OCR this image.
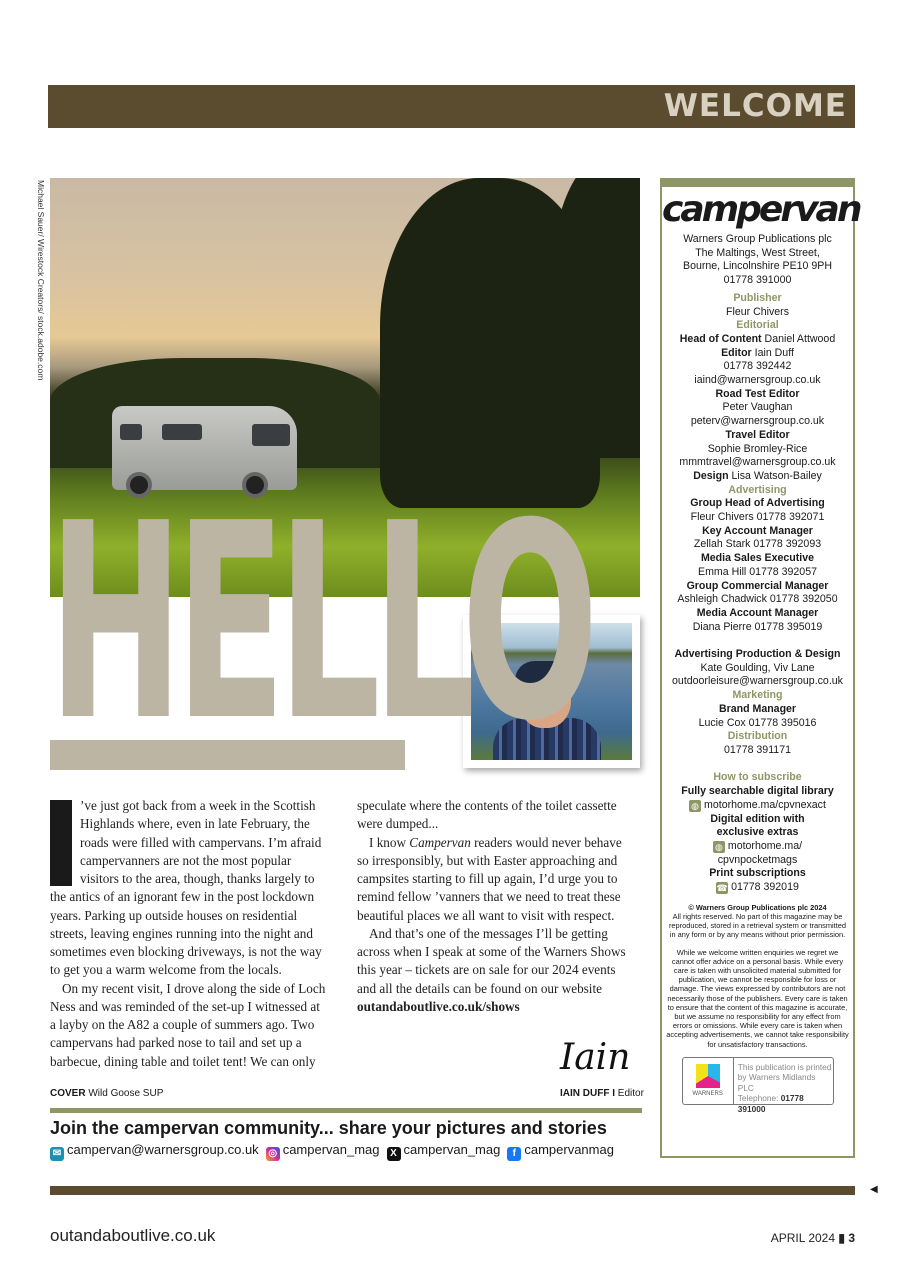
WELCOME
Michael Sauer/ Wirestock Creators/ stock.adobe.com
HELLO

’ve just got back from a week in the Scottish Highlands where, even in late February, the roads were filled with campervans. I’m afraid campervanners are not the most popular visitors to the area, though, thanks largely to the antics of an ignorant few in the post lockdown years. Parking up outside houses on residential streets, leaving engines running into the night and sometimes even blocking driveways, is not the way to get you a warm welcome from the locals.

On my recent visit, I drove along the side of Loch Ness and was reminded of the set-up I witnessed at a layby on the A82 a couple of summers ago. Two campervans had parked nose to tail and set up a barbecue, dining table and toilet tent! We can only

speculate where the contents of the toilet cassette were dumped...

I know Campervan readers would never behave so irresponsibly, but with Easter approaching and campsites starting to fill up again, I’d urge you to remind fellow ’vanners that we need to treat these beautiful places we all want to visit with respect.

And that’s one of the messages I’ll be getting across when I speak at some of the Warners Shows this year – tickets are on sale for our 2024 events and all the details can be found on our website outandaboutlive.co.uk/shows

Iain
COVER Wild Goose SUP	IAIN DUFF I Editor
Join the campervan community... share your pictures and stories
✉ campervan@warnersgroup.co.uk ◎ campervan_mag	X campervan_mag	f campervanmag
campervan
Warners Group Publications plc
The Maltings, West Street,
Bourne, Lincolnshire PE10 9PH
01778 391000
Publisher
Fleur Chivers
Editorial
Head of Content Daniel Attwood
Editor Iain Duff
01778 392442
iaind@warnersgroup.co.uk
Road Test Editor
Peter Vaughan
peterv@warnersgroup.co.uk
Travel Editor
Sophie Bromley-Rice
mmmtravel@warnersgroup.co.uk
Design Lisa Watson-Bailey
Advertising
Group Head of Advertising
Fleur Chivers 01778 392071
Key Account Manager
Zellah Stark 01778 392093
Media Sales Executive
Emma Hill 01778 392057
Group Commercial Manager
Ashleigh Chadwick 01778 392050
Media Account Manager
Diana Pierre 01778 395019
Advertising Production & Design
Kate Goulding, Viv Lane
outdoorleisure@warnersgroup.co.uk
Marketing
Brand Manager
Lucie Cox 01778 395016
Distribution
01778 391171
How to subscribe
Fully searchable digital library
◍ motorhome.ma/cpvnexact
Digital edition with
exclusive extras
◍ motorhome.ma/
cpvnpocketmags
Print subscriptions
☎ 01778 392019

© Warners Group Publications plc 2024
All rights reserved. No part of this magazine may be reproduced, stored in a retrieval system or transmitted in any form or by any means without prior permission.

While we welcome written enquiries we regret we cannot offer advice on a personal basis. While every care is taken with unsolicited material submitted for publication, we cannot be responsible for loss or damage. The views expressed by contributors are not necessarily those of the publishers. Every care is taken to ensure that the content of this magazine is accurate, but we assume no responsibility for any effect from errors or omissions. While every care is taken when accepting advertisements, we cannot take responsibility for unsatisfactory transactions.

WARNERS
This publication is printed
by Warners Midlands PLC
Telephone: 01778 391000
◀
outandaboutlive.co.uk	APRIL 2024 ▮ 3
